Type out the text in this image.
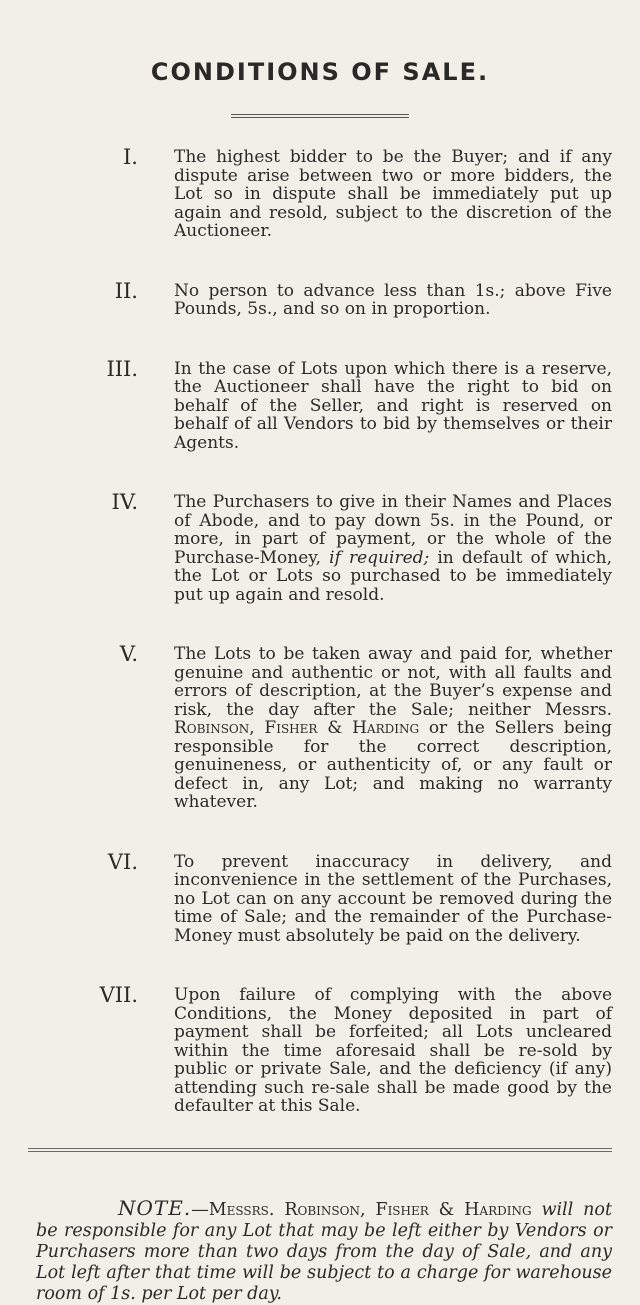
CONDITIONS OF SALE.

I. The highest bidder to be the Buyer; and if any dispute arise between two or more bidders, the Lot so in dispute shall be immediately put up again and resold, subject to the discretion of the Auctioneer.

II. No person to advance less than 1s.; above Five Pounds, 5s., and so on in proportion.

III. In the case of Lots upon which there is a reserve, the Auctioneer shall have the right to bid on behalf of the Seller, and right is reserved on behalf of all Vendors to bid by themselves or their Agents.

IV. The Purchasers to give in their Names and Places of Abode, and to pay down 5s. in the Pound, or more, in part of payment, or the whole of the Purchase-Money, if required; in default of which, the Lot or Lots so purchased to be immediately put up again and resold.

V. The Lots to be taken away and paid for, whether genuine and authentic or not, with all faults and errors of description, at the Buyer’s expense and risk, the day after the Sale; neither Messrs. Robinson, Fisher & Harding or the Sellers being responsible for the correct description, genuineness, or authenticity of, or any fault or defect in, any Lot; and making no warranty whatever.

VI. To prevent inaccuracy in delivery, and inconvenience in the settlement of the Purchases, no Lot can on any account be removed during the time of Sale; and the remainder of the Purchase-Money must absolutely be paid on the delivery.

VII. Upon failure of complying with the above Conditions, the Money deposited in part of payment shall be forfeited; all Lots uncleared within the time aforesaid shall be re-sold by public or private Sale, and the deficiency (if any) attending such re-sale shall be made good by the defaulter at this Sale.

NOTE.—Messrs. Robinson, Fisher & Harding will not be responsible for any Lot that may be left either by Vendors or Purchasers more than two days from the day of Sale, and any Lot left after that time will be subject to a charge for warehouse room of 1s. per Lot per day.
